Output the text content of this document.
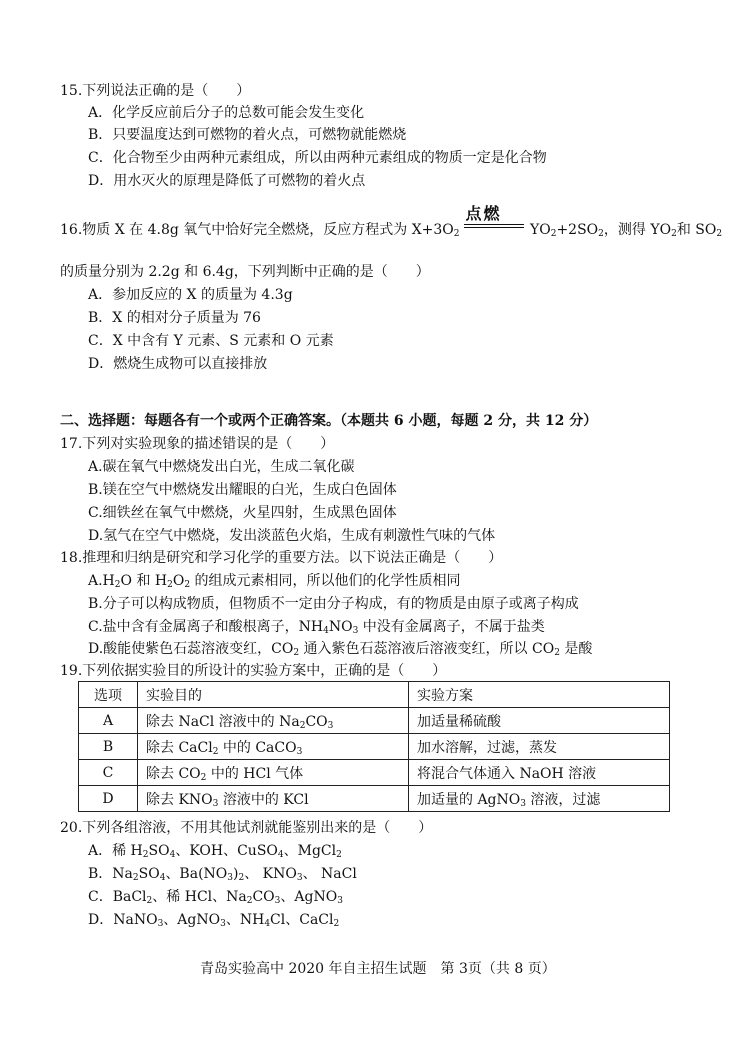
15.下列说法正确的是（　　）
A．化学反应前后分子的总数可能会发生变化
B．只要温度达到可燃物的着火点，可燃物就能燃烧
C．化合物至少由两种元素组成，所以由两种元素组成的物质一定是化合物
D．用水灭火的原理是降低了可燃物的着火点
16.物质 X 在 4.8g 氧气中恰好完全燃烧，反应方程式为 $X+3O_2$
点燃
$YO_2+2SO_2$，测得 $YO_2$和 $SO_2$
的质量分别为 2.2g 和 6.4g，下列判断中正确的是（　　）
A．参加反应的 X 的质量为 4.3g
B．X 的相对分子质量为 76
C．X 中含有 Y 元素、S 元素和 O 元素
D．燃烧生成物可以直接排放
二、选择题：每题各有一个或两个正确答案。（本题共 6 小题，每题 2 分，共 12 分）
17.下列对实验现象的描述错误的是（　　）
A.碳在氧气中燃烧发出白光，生成二氧化碳
B.镁在空气中燃烧发出耀眼的白光，生成白色固体
C.细铁丝在氧气中燃烧，火星四射，生成黑色固体
D.氢气在空气中燃烧，发出淡蓝色火焰，生成有刺激性气味的气体
18.推理和归纳是研究和学习化学的重要方法。以下说法正确是（　　）
$A.H_2O$ 和 $H_2O_2$ 的组成元素相同，所以他们的化学性质相同
B.分子可以构成物质，但物质不一定由分子构成，有的物质是由原子或离子构成
C.盐中含有金属离子和酸根离子，$NH_4NO_3$ 中没有金属离子，不属于盐类
D.酸能使紫色石蕊溶液变红，$CO_2$ 通入紫色石蕊溶液后溶液变红，所以 $CO_2$ 是酸
19.下列依据实验目的所设计的实验方案中，正确的是（　　）
选项	实验目的	实验方案
A	除去 NaCl 溶液中的 $Na_2CO_3$	加适量稀硫酸
B	除去 CaCl$_2$ 中的 CaCO$_3$	加水溶解，过滤，蒸发
C	除去 $CO_2$ 中的 HCl 气体	将混合气体通入 NaOH 溶液
D	除去 $KNO_3$ 溶液中的 KCl	加适量的 AgNO$_3$ 溶液，过滤
20.下列各组溶液，不用其他试剂就能鉴别出来的是（　　）
A．稀 $H_2SO_4$、KOH、CuSO$_4$、MgCl$_2$
B．$Na_2SO_4$、$Ba(NO_3)_2$、 $KNO_3$、 NaCl
C．BaCl$_2$、稀 HCl、$Na_2CO_3$、AgNO$_3$
D．NaNO$_3$、AgNO$_3$、$NH_4Cl$、CaCl$_2$
青岛实验高中 2020 年自主招生试题　第 3页（共 8 页）
